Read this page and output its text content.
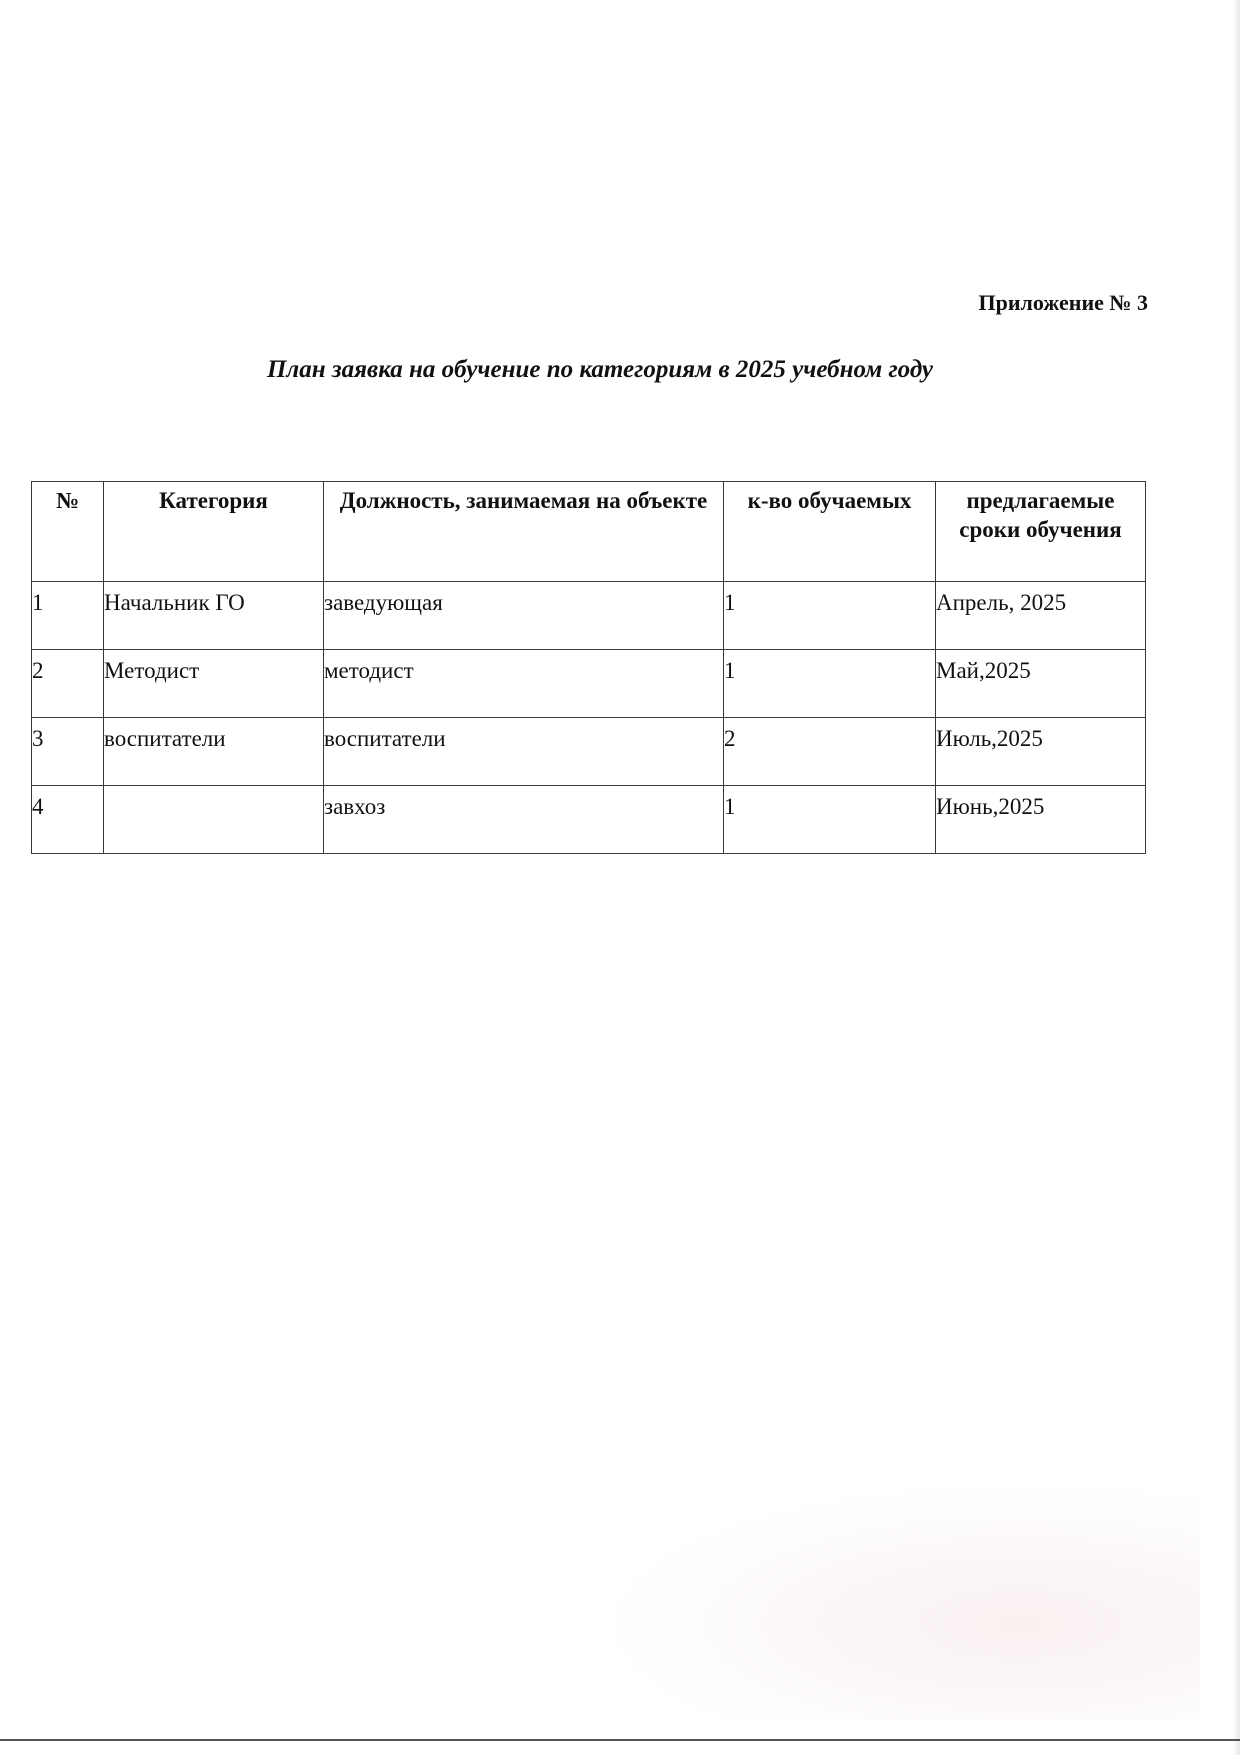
Приложение № 3
План заявка на обучение по категориям в 2025 учебном году
№	Категория	Должность, занимаемая на объекте	к-во обучаемых	предлагаемые сроки обучения
1	Начальник ГО	заведующая	1	Апрель, 2025
2	Методист	методист	1	Май,2025
3	воспитатели	воспитатели	2	Июль,2025
4		завхоз	1	Июнь,2025
